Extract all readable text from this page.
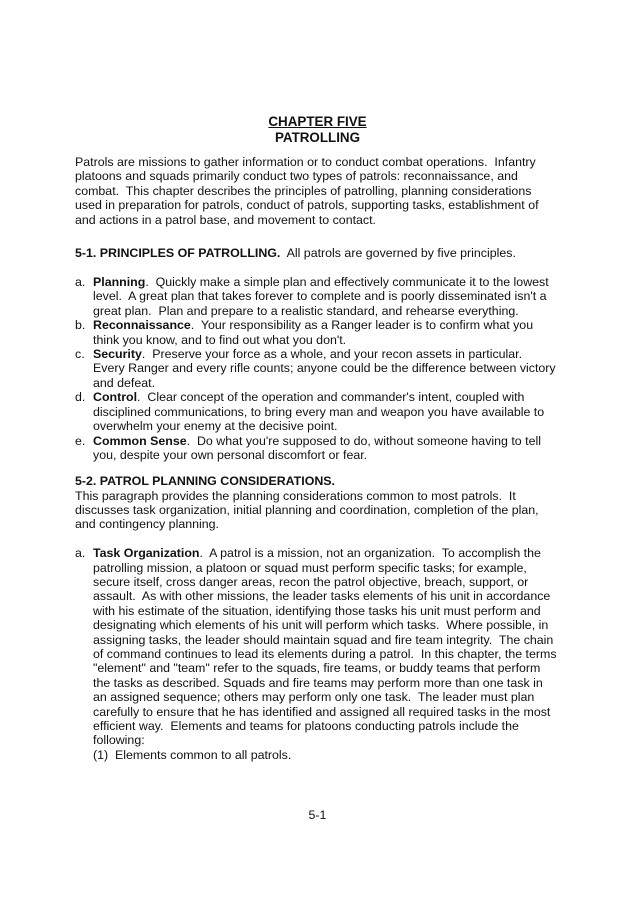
CHAPTER FIVE
PATROLLING
Patrols are missions to gather information or to conduct combat operations.  Infantry
platoons and squads primarily conduct two types of patrols: reconnaissance, and
combat.  This chapter describes the principles of patrolling, planning considerations
used in preparation for patrols, conduct of patrols, supporting tasks, establishment of
and actions in a patrol base, and movement to contact.
5-1. PRINCIPLES OF PATROLLING.  All patrols are governed by five principles.
a. Planning.  Quickly make a simple plan and effectively communicate it to the lowest
level.  A great plan that takes forever to complete and is poorly disseminated isn't a
great plan.  Plan and prepare to a realistic standard, and rehearse everything.
b. Reconnaissance.  Your responsibility as a Ranger leader is to confirm what you
think you know, and to find out what you don't.
c. Security.  Preserve your force as a whole, and your recon assets in particular.
Every Ranger and every rifle counts; anyone could be the difference between victory
and defeat.
d. Control.  Clear concept of the operation and commander's intent, coupled with
disciplined communications, to bring every man and weapon you have available to
overwhelm your enemy at the decisive point.
e. Common Sense.  Do what you're supposed to do, without someone having to tell
you, despite your own personal discomfort or fear.
5-2. PATROL PLANNING CONSIDERATIONS.
This paragraph provides the planning considerations common to most patrols.  It
discusses task organization, initial planning and coordination, completion of the plan,
and contingency planning.
a. Task Organization.  A patrol is a mission, not an organization.  To accomplish the
patrolling mission, a platoon or squad must perform specific tasks; for example,
secure itself, cross danger areas, recon the patrol objective, breach, support, or
assault.  As with other missions, the leader tasks elements of his unit in accordance
with his estimate of the situation, identifying those tasks his unit must perform and
designating which elements of his unit will perform which tasks.  Where possible, in
assigning tasks, the leader should maintain squad and fire team integrity.  The chain
of command continues to lead its elements during a patrol.  In this chapter, the terms
"element" and "team" refer to the squads, fire teams, or buddy teams that perform
the tasks as described. Squads and fire teams may perform more than one task in
an assigned sequence; others may perform only one task.  The leader must plan
carefully to ensure that he has identified and assigned all required tasks in the most
efficient way.  Elements and teams for platoons conducting patrols include the
following:
(1)  Elements common to all patrols.
5-1
